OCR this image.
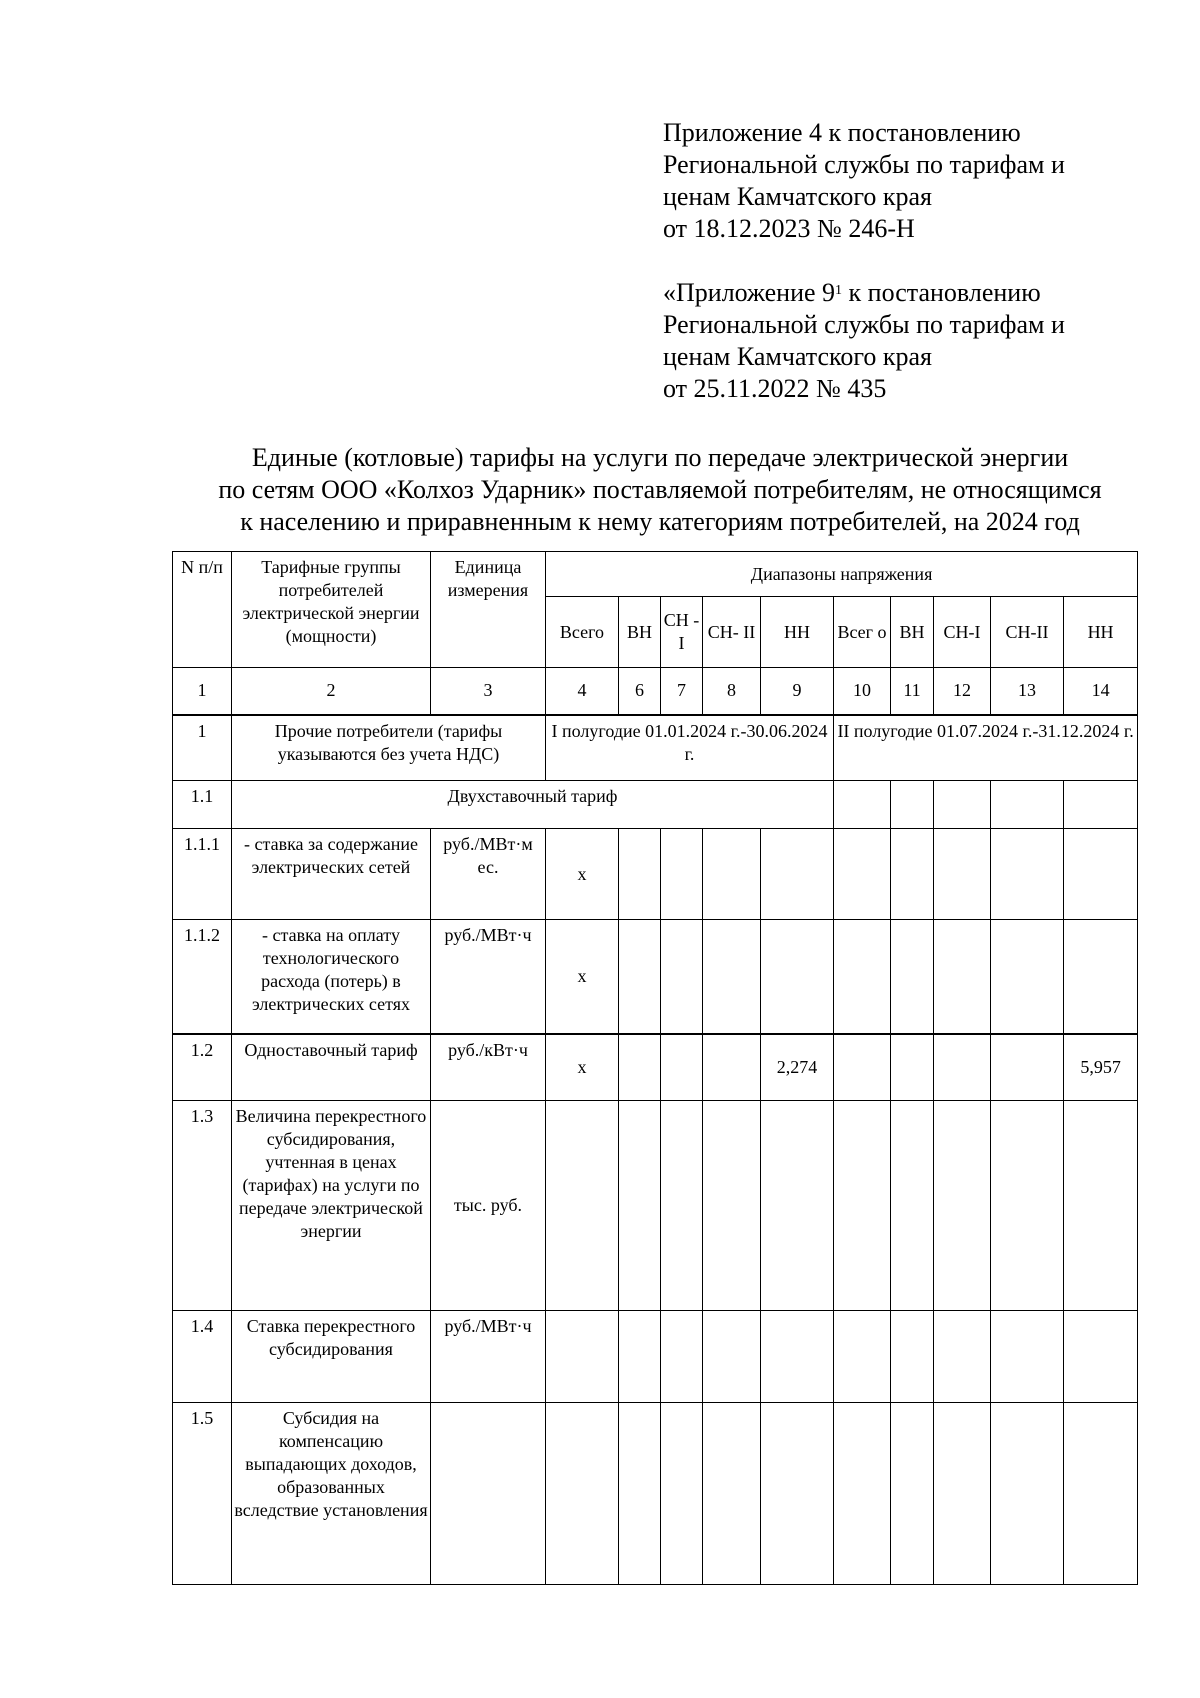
Приложение 4 к постановлению
Региональной службы по тарифам и
ценам Камчатского края
от 18.12.2023 № 246-Н
«Приложение $9^1$ к постановлению
Региональной службы по тарифам и
ценам Камчатского края
от 25.11.2022 № 435
Единые (котловые) тарифы на услуги по передаче электрической энергии
по сетям ООО «Колхоз Ударник» поставляемой потребителям, не относящимся
к населению и приравненным к нему категориям потребителей, на 2024 год
N п/п	Тарифные группы потребителей электрической энергии (мощности)	Единица измерения	Диапазоны напряжения									
			Всего	ВН	СН -I	СН- II	НН	Всег о	ВН	СН-I	СН-II	НН
1	2	3	4	6	7	8	9	10	11	12	13	14
1	Прочие потребители (тарифы указываются без учета НДС)		I полугодие 01.01.2024 г.-30.06.2024 г.					II полугодие 01.07.2024 г.-31.12.2024 г.				
1.1	Двухставочный тариф											
1.1.1	- ставка за содержание электрических сетей	руб./МВт·м ес.	х									
1.1.2	- ставка на оплату технологического расхода (потерь) в электрических сетях	руб./МВт·ч	х									
1.2	Одноставочный тариф	руб./кВт·ч	х				2,274					5,957
1.3	Величина перекрестного субсидирования, учтенная в ценах (тарифах) на услуги по передаче электрической энергии	тыс. руб.										
1.4	Ставка перекрестного субсидирования	руб./МВт·ч										
1.5	Субсидия на компенсацию выпадающих доходов, образованных вследствие установления											
